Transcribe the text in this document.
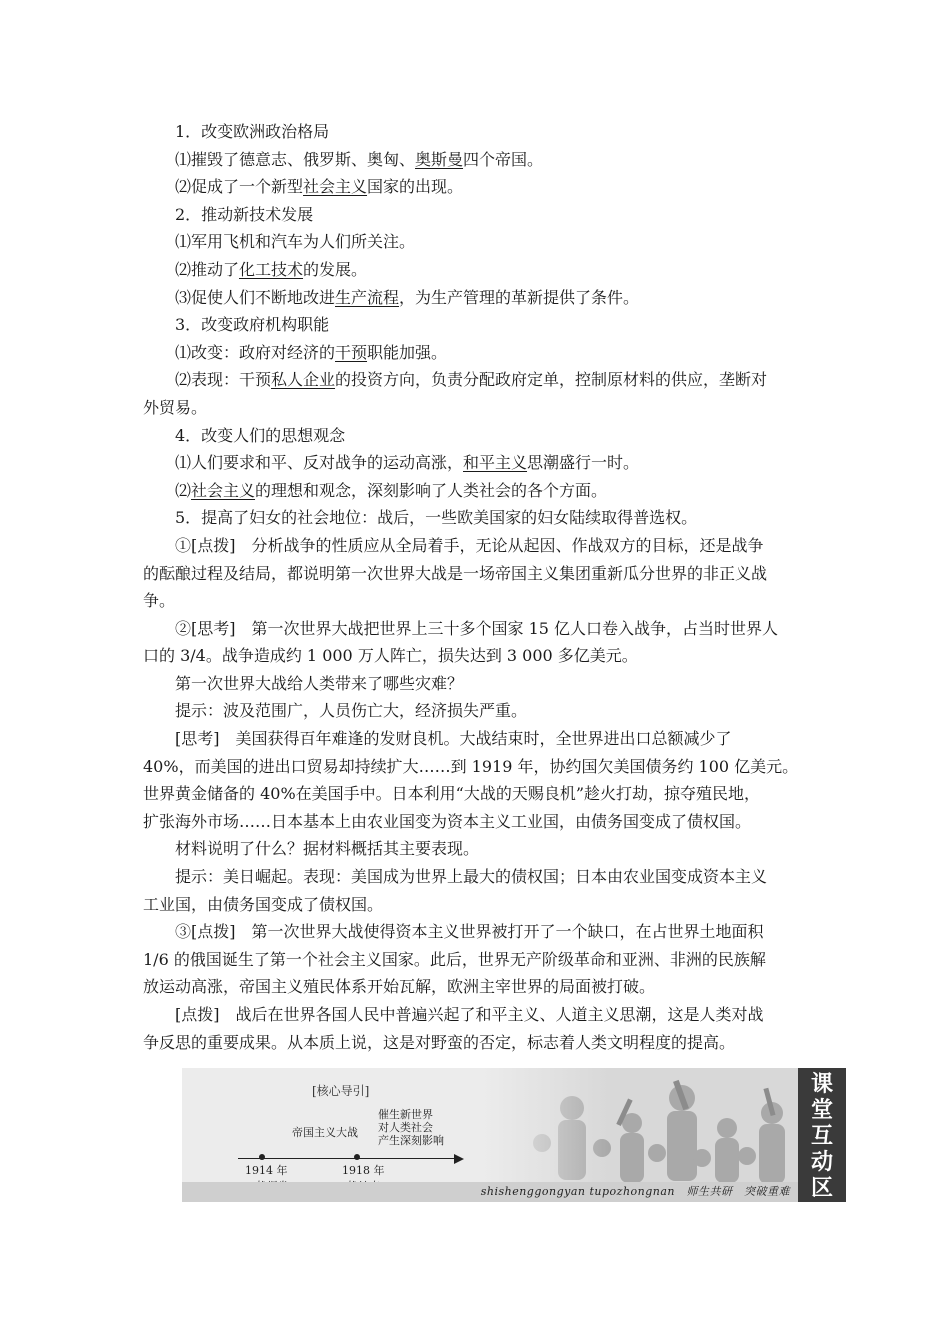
1．改变欧洲政治格局
⑴摧毁了德意志、俄罗斯、奥匈、奥斯曼四个帝国。
⑵促成了一个新型社会主义国家的出现。
2．推动新技术发展
⑴军用飞机和汽车为人们所关注。
⑵推动了化工技术的发展。
⑶促使人们不断地改进生产流程，为生产管理的革新提供了条件。
3．改变政府机构职能
⑴改变：政府对经济的干预职能加强。
⑵表现：干预私人企业的投资方向，负责分配政府定单，控制原材料的供应，垄断对
外贸易。
4．改变人们的思想观念
⑴人们要求和平、反对战争的运动高涨，和平主义思潮盛行一时。
⑵社会主义的理想和观念，深刻影响了人类社会的各个方面。
5．提高了妇女的社会地位：战后，一些欧美国家的妇女陆续取得普选权。
①[点拨]　分析战争的性质应从全局着手，无论从起因、作战双方的目标，还是战争
的酝酿过程及结局，都说明第一次世界大战是一场帝国主义集团重新瓜分世界的非正义战
争。
②[思考]　第一次世界大战把世界上三十多个国家 15 亿人口卷入战争，占当时世界人
口的 3/4。战争造成约 1 000 万人阵亡，损失达到 3 000 多亿美元。
第一次世界大战给人类带来了哪些灾难？
提示：波及范围广，人员伤亡大，经济损失严重。
[思考]　美国获得百年难逢的发财良机。大战结束时，全世界进出口总额减少了
40%，而美国的进出口贸易却持续扩大……到 1919 年，协约国欠美国债务约 100 亿美元。
世界黄金储备的 40%在美国手中。日本利用“大战的天赐良机”趁火打劫，掠夺殖民地，
扩张海外市场……日本基本上由农业国变为资本主义工业国，由债务国变成了债权国。
材料说明了什么？据材料概括其主要表现。
提示：美日崛起。表现：美国成为世界上最大的债权国；日本由农业国变成资本主义
工业国，由债务国变成了债权国。
③[点拨]　第一次世界大战使得资本主义世界被打开了一个缺口，在占世界土地面积
1/6 的俄国诞生了第一个社会主义国家。此后，世界无产阶级革命和亚洲、非洲的民族解
放运动高涨，帝国主义殖民体系开始瓦解，欧洲主宰世界的局面被打破。
[点拨]　战后在世界各国人民中普遍兴起了和平主义、人道主义思潮，这是人类对战
争反思的重要成果。从本质上说，这是对野蛮的否定，标志着人类文明程度的提高。
[核心导引]
帝国主义大战
催生新世界
对人类社会
产生深刻影响
1914 年	1918 年
shishenggongyan tupozhongnan　师生共研　突破重难
课
堂
互
动
区
